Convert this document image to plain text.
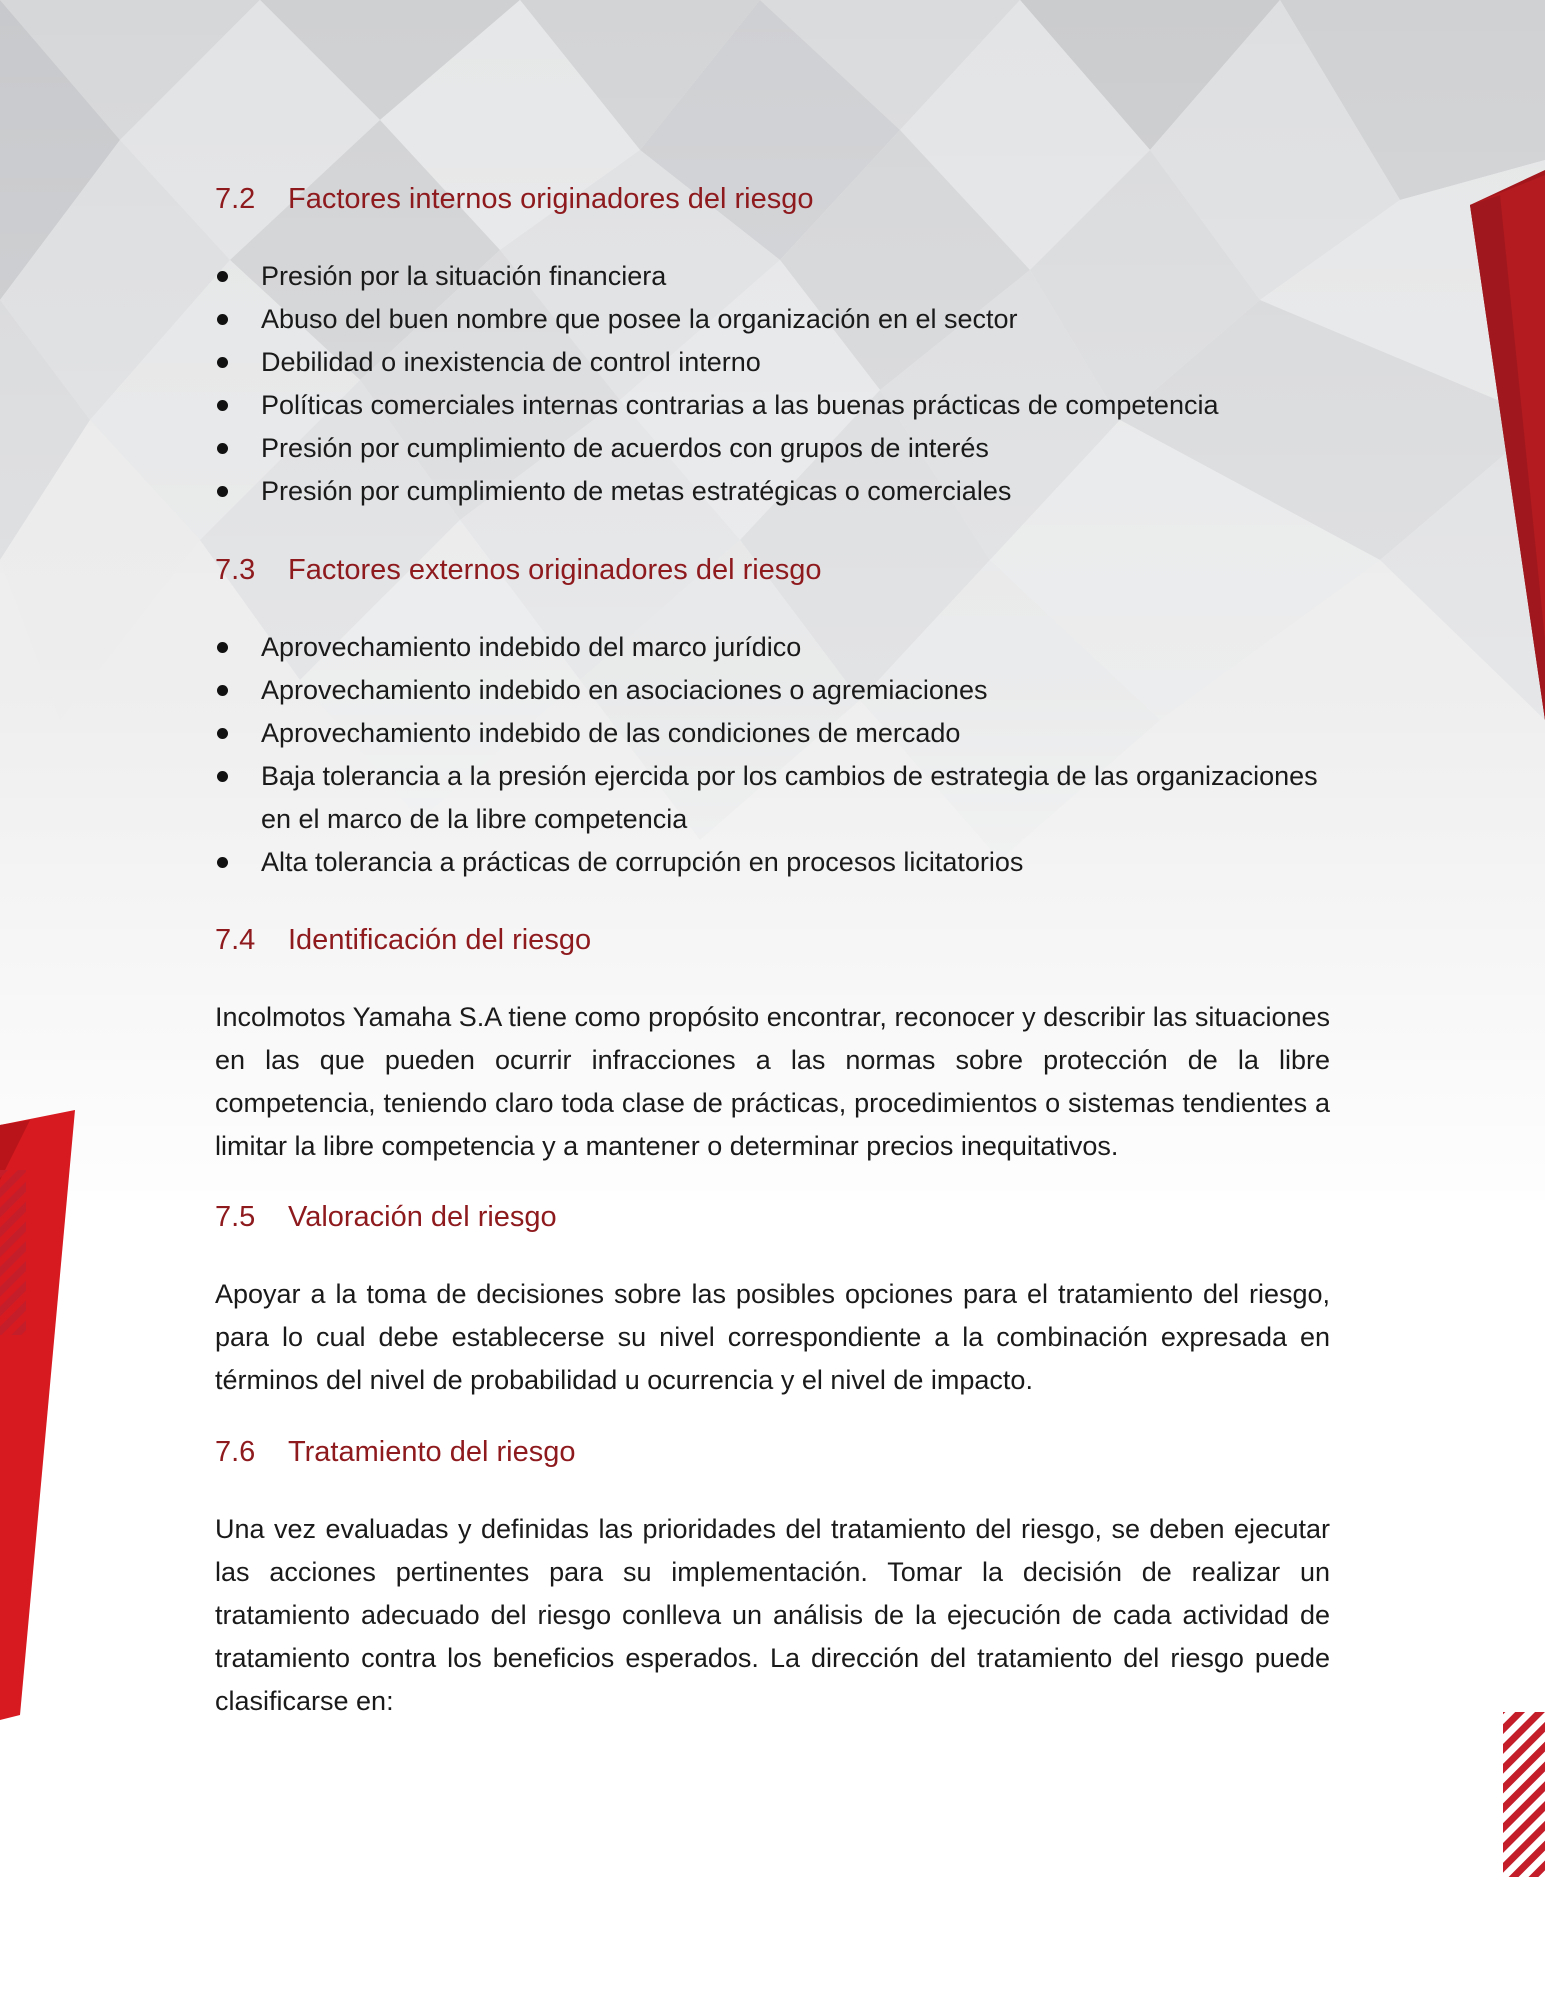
7.2	Factores internos originadores del riesgo
Presión por la situación financiera
Abuso del buen nombre que posee la organización en el sector
Debilidad o inexistencia de control interno
Políticas comerciales internas contrarias a las buenas prácticas de competencia
Presión por cumplimiento de acuerdos con grupos de interés
Presión por cumplimiento de metas estratégicas o comerciales
7.3	Factores externos originadores del riesgo
Aprovechamiento indebido del marco jurídico
Aprovechamiento indebido en asociaciones o agremiaciones
Aprovechamiento indebido de las condiciones de mercado
Baja tolerancia a la presión ejercida por los cambios de estrategia de las organizaciones en el marco de la libre competencia
Alta tolerancia a prácticas de corrupción en procesos licitatorios
7.4	Identificación del riesgo

Incolmotos Yamaha S.A tiene como propósito encontrar, reconocer y describir las situaciones en las que pueden ocurrir infracciones a las normas sobre protección de la libre competencia, teniendo claro toda clase de prácticas, procedimientos o sistemas tendientes a limitar la libre competencia y a mantener o determinar precios inequitativos.

7.5	Valoración del riesgo

Apoyar a la toma de decisiones sobre las posibles opciones para el tratamiento del riesgo, para lo cual debe establecerse su nivel correspondiente a la combinación expresada en términos del nivel de probabilidad u ocurrencia y el nivel de impacto.

7.6	Tratamiento del riesgo

Una vez evaluadas y definidas las prioridades del tratamiento del riesgo, se deben ejecutar las acciones pertinentes para su implementación. Tomar la decisión de realizar un tratamiento adecuado del riesgo conlleva un análisis de la ejecución de cada actividad de tratamiento contra los beneficios esperados. La dirección del tratamiento del riesgo puede clasificarse en:
